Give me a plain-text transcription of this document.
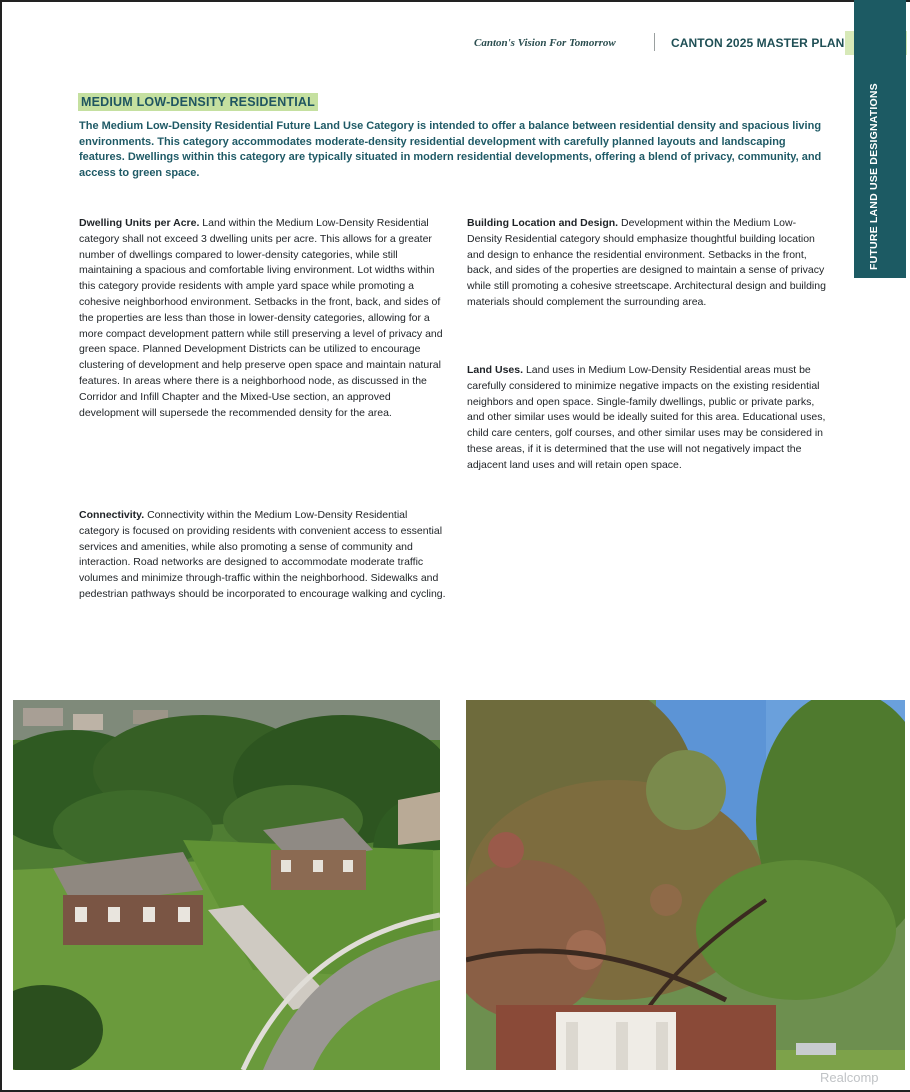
Canton's Vision For Tomorrow	CANTON 2025 MASTER PLAN
FUTURE LAND USE DESIGNATIONS
MEDIUM LOW-DENSITY RESIDENTIAL
The Medium Low-Density Residential Future Land Use Category is intended to offer a balance between residential density and spacious living environments. This category accommodates moderate-density residential development with carefully planned layouts and landscaping features. Dwellings within this category are typically situated in modern residential developments, offering a blend of privacy, community, and access to green space.
Dwelling Units per Acre. Land within the Medium Low-Density Residential category shall not exceed 3 dwelling units per acre. This allows for a greater number of dwellings compared to lower-density categories, while still maintaining a spacious and comfortable living environment. Lot widths within this category provide residents with ample yard space while promoting a cohesive neighborhood environment. Setbacks in the front, back, and sides of the properties are less than those in lower-density categories, allowing for a more compact development pattern while still preserving a level of privacy and green space. Planned Development Districts can be utilized to encourage clustering of development and help preserve open space and maintain natural features. In areas where there is a neighborhood node, as discussed in the Corridor and Infill Chapter and the Mixed-Use section, an approved development will supersede the recommended density for the area.
Connectivity. Connectivity within the Medium Low-Density Residential category is focused on providing residents with convenient access to essential services and amenities, while also promoting a sense of community and interaction. Road networks are designed to accommodate moderate traffic volumes and minimize through-traffic within the neighborhood. Sidewalks and pedestrian pathways should be incorporated to encourage walking and cycling.
Building Location and Design. Development within the Medium Low-Density Residential category should emphasize thoughtful building location and design to enhance the residential environment. Setbacks in the front, back, and sides of the properties are designed to maintain a sense of privacy while still promoting a cohesive streetscape. Architectural design and building materials should complement the surrounding area.
Land Uses. Land uses in Medium Low-Density Residential areas must be carefully considered to minimize negative impacts on the existing residential neighbors and open space. Single-family dwellings, public or private parks, and other similar uses would be ideally suited for this area. Educational uses, child care centers, golf courses, and other similar uses may be considered in these areas, if it is determined that the use will not negatively impact the adjacent land uses and will retain open space.
Realcomp
